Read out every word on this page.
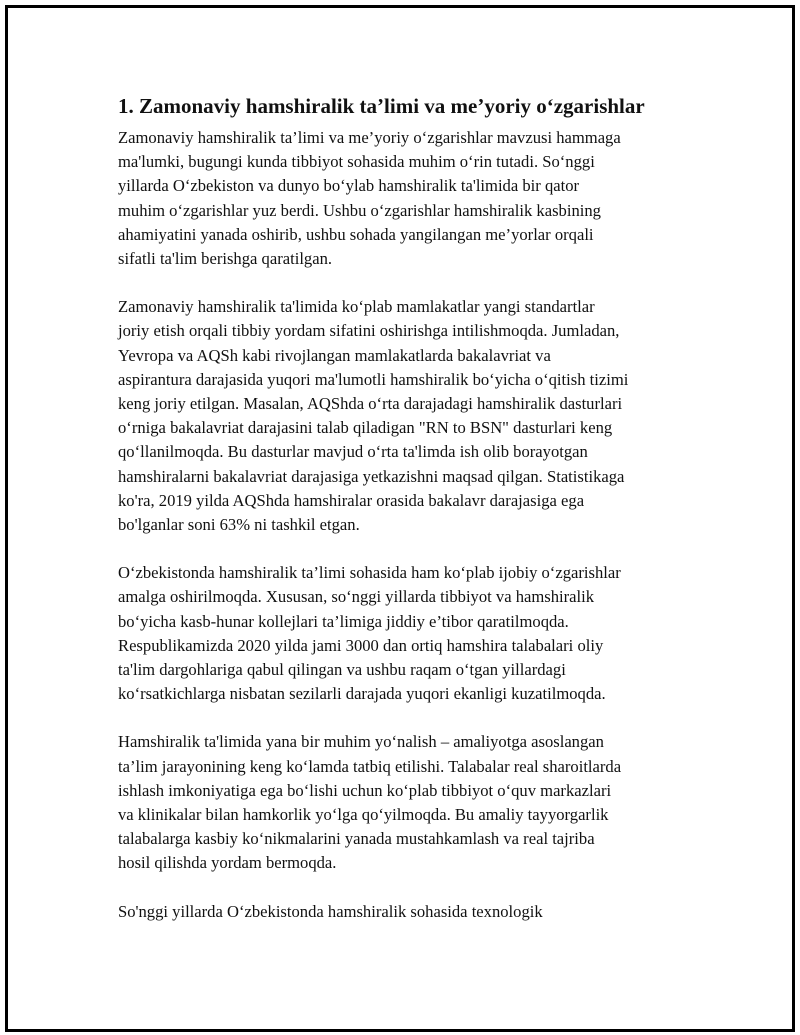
1. Zamonaviy hamshiralik ta’limi va me’yoriy o‘zgarishlar
Zamonaviy hamshiralik ta’limi va me’yoriy o‘zgarishlar mavzusi hammaga
ma'lumki, bugungi kunda tibbiyot sohasida muhim o‘rin tutadi. So‘nggi
yillarda O‘zbekiston va dunyo bo‘ylab hamshiralik ta'limida bir qator
muhim o‘zgarishlar yuz berdi. Ushbu o‘zgarishlar hamshiralik kasbining
ahamiyatini yanada oshirib, ushbu sohada yangilangan me’yorlar orqali
sifatli ta'lim berishga qaratilgan.
Zamonaviy hamshiralik ta'limida ko‘plab mamlakatlar yangi standartlar
joriy etish orqali tibbiy yordam sifatini oshirishga intilishmoqda. Jumladan,
Yevropa va AQSh kabi rivojlangan mamlakatlarda bakalavriat va
aspirantura darajasida yuqori ma'lumotli hamshiralik bo‘yicha o‘qitish tizimi
keng joriy etilgan. Masalan, AQShda o‘rta darajadagi hamshiralik dasturlari
o‘rniga bakalavriat darajasini talab qiladigan "RN to BSN" dasturlari keng
qo‘llanilmoqda. Bu dasturlar mavjud o‘rta ta'limda ish olib borayotgan
hamshiralarni bakalavriat darajasiga yetkazishni maqsad qilgan. Statistikaga
ko'ra, 2019 yilda AQShda hamshiralar orasida bakalavr darajasiga ega
bo'lganlar soni 63% ni tashkil etgan.
O‘zbekistonda hamshiralik ta’limi sohasida ham ko‘plab ijobiy o‘zgarishlar
amalga oshirilmoqda. Xususan, so‘nggi yillarda tibbiyot va hamshiralik
bo‘yicha kasb-hunar kollejlari ta’limiga jiddiy e’tibor qaratilmoqda.
Respublikamizda 2020 yilda jami 3000 dan ortiq hamshira talabalari oliy
ta'lim dargohlariga qabul qilingan va ushbu raqam o‘tgan yillardagi
ko‘rsatkichlarga nisbatan sezilarli darajada yuqori ekanligi kuzatilmoqda.
Hamshiralik ta'limida yana bir muhim yo‘nalish – amaliyotga asoslangan
ta’lim jarayonining keng ko‘lamda tatbiq etilishi. Talabalar real sharoitlarda
ishlash imkoniyatiga ega bo‘lishi uchun ko‘plab tibbiyot o‘quv markazlari
va klinikalar bilan hamkorlik yo‘lga qo‘yilmoqda. Bu amaliy tayyorgarlik
talabalarga kasbiy ko‘nikmalarini yanada mustahkamlash va real tajriba
hosil qilishda yordam bermoqda.
So'nggi yillarda O‘zbekistonda hamshiralik sohasida texnologik
